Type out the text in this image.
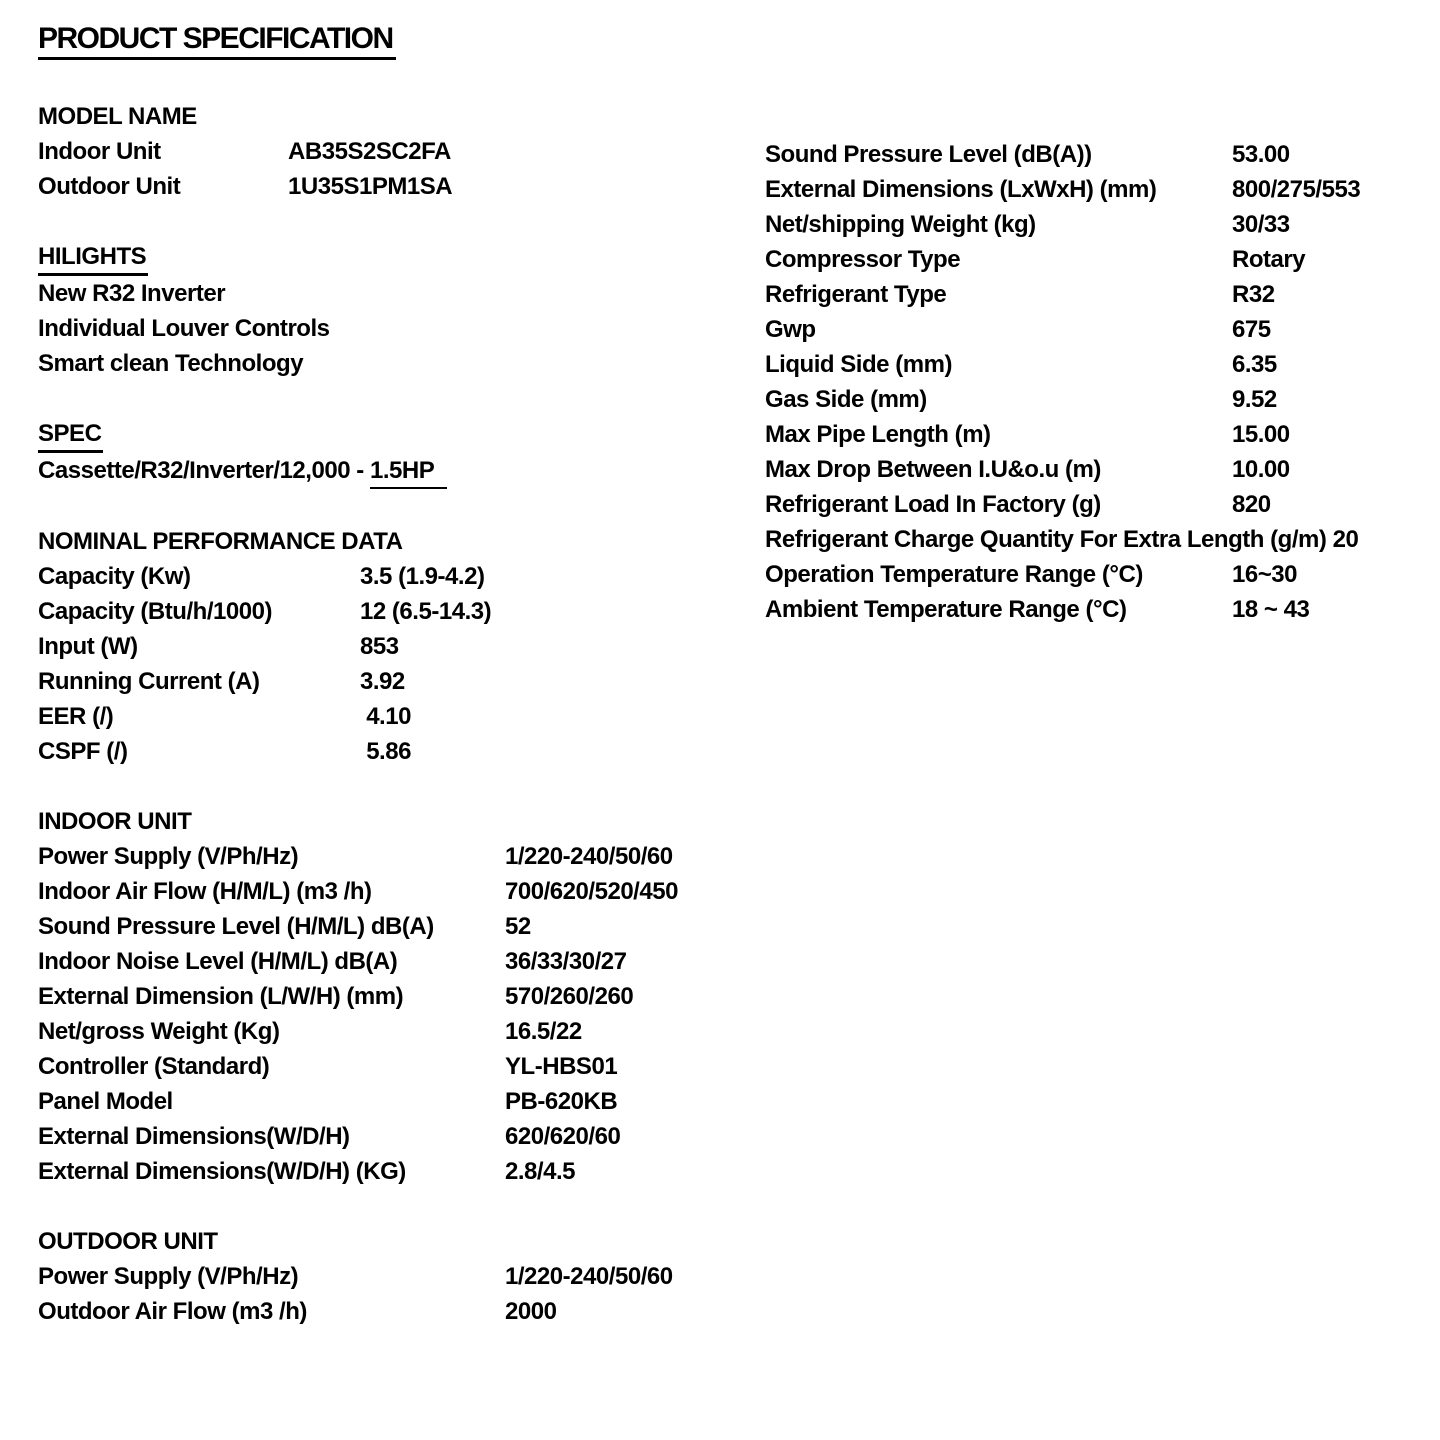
PRODUCT SPECIFICATION
MODEL NAME
Indoor Unit	AB35S2SC2FA
Outdoor Unit	1U35S1PM1SA
HILIGHTS
New R32 Inverter
Individual Louver Controls
Smart clean Technology
SPEC
Cassette/R32/Inverter/12,000 - 1.5HP
NOMINAL PERFORMANCE DATA
Capacity (Kw)	3.5 (1.9-4.2)
Capacity (Btu/h/1000)	12 (6.5-14.3)
Input (W)	853
Running Current (A)	3.92
EER (/)	4.10
CSPF (/)	5.86
INDOOR UNIT
Power Supply (V/Ph/Hz)	1/220-240/50/60
Indoor Air Flow (H/M/L) (m3 /h)	700/620/520/450
Sound Pressure Level (H/M/L) dB(A)	52
Indoor Noise Level (H/M/L) dB(A)	36/33/30/27
External Dimension (L/W/H) (mm)	570/260/260
Net/gross Weight (Kg)	16.5/22
Controller (Standard)	YL-HBS01
Panel Model	PB-620KB
External Dimensions(W/D/H)	620/620/60
External Dimensions(W/D/H) (KG)	2.8/4.5
OUTDOOR UNIT
Power Supply (V/Ph/Hz)	1/220-240/50/60
Outdoor Air Flow (m3 /h)	2000
Sound Pressure Level (dB(A))	53.00
External Dimensions (LxWxH) (mm)	800/275/553
Net/shipping Weight (kg)	30/33
Compressor Type	Rotary
Refrigerant Type	R32
Gwp	675
Liquid Side (mm)	6.35
Gas Side (mm)	9.52
Max Pipe Length (m)	15.00
Max Drop Between I.U&o.u (m)	10.00
Refrigerant Load In Factory (g)	820
Refrigerant Charge Quantity For Extra Length (g/m) 20
Operation Temperature Range (°C)	16~30
Ambient Temperature Range (°C)	18 ~ 43
